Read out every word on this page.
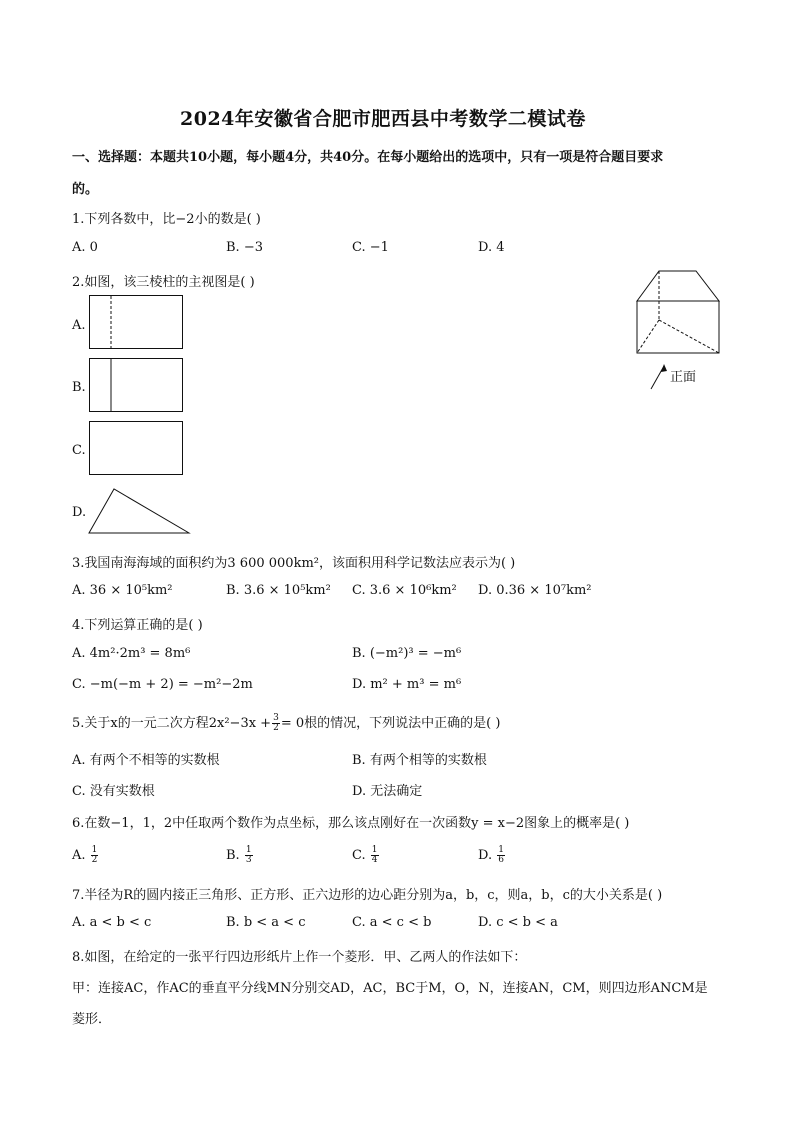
2024年安徽省合肥市肥西县中考数学二模试卷
一、选择题：本题共10小题，每小题4分，共40分。在每小题给出的选项中，只有一项是符合题目要求
的。
1.下列各数中，比−2小的数是( )
A. 0	B. −3	C. −1	D. 4
2.如图，该三棱柱的主视图是( )
A.
B.
C.
D.
正面
3.我国南海海域的面积约为3 600 000km²，该面积用科学记数法应表示为( )
A. 36 × 10⁵km²	B. 3.6 × 10⁵km² C. 3.6 × 10⁶km² D. 0.36 × 10⁷km²
4.下列运算正确的是( )
A. 4m²·2m³ = 8m⁶	B. (−m²)³ = −m⁶
C. −m(−m + 2) = −m²−2m	D. m² + m³ = m⁶
5.关于x的一元二次方程$2x^2-3x + \frac{3}{2} = 0$根的情况，下列说法中正确的是( )
A. 有两个不相等的实数根	B. 有两个相等的实数根
C. 没有实数根	D. 无法确定
6.在数−1，1，2中任取两个数作为点坐标，那么该点刚好在一次函数y = x−2图象上的概率是( )
A. $\frac{1}{2}$	B. $\frac{1}{3}$	C. $\frac{1}{4}$	D. $\frac{1}{6}$
7.半径为R的圆内接正三角形、正方形、正六边形的边心距分别为a，b，c，则a，b，c的大小关系是( )
A. a < b < c	B. b < a < c	C. a < c < b	D. c < b < a
8.如图，在给定的一张平行四边形纸片上作一个菱形．甲、乙两人的作法如下：
甲：连接AC，作AC的垂直平分线MN分别交AD，AC，BC于M，O，N，连接AN，CM，则四边形ANCM是
菱形．
